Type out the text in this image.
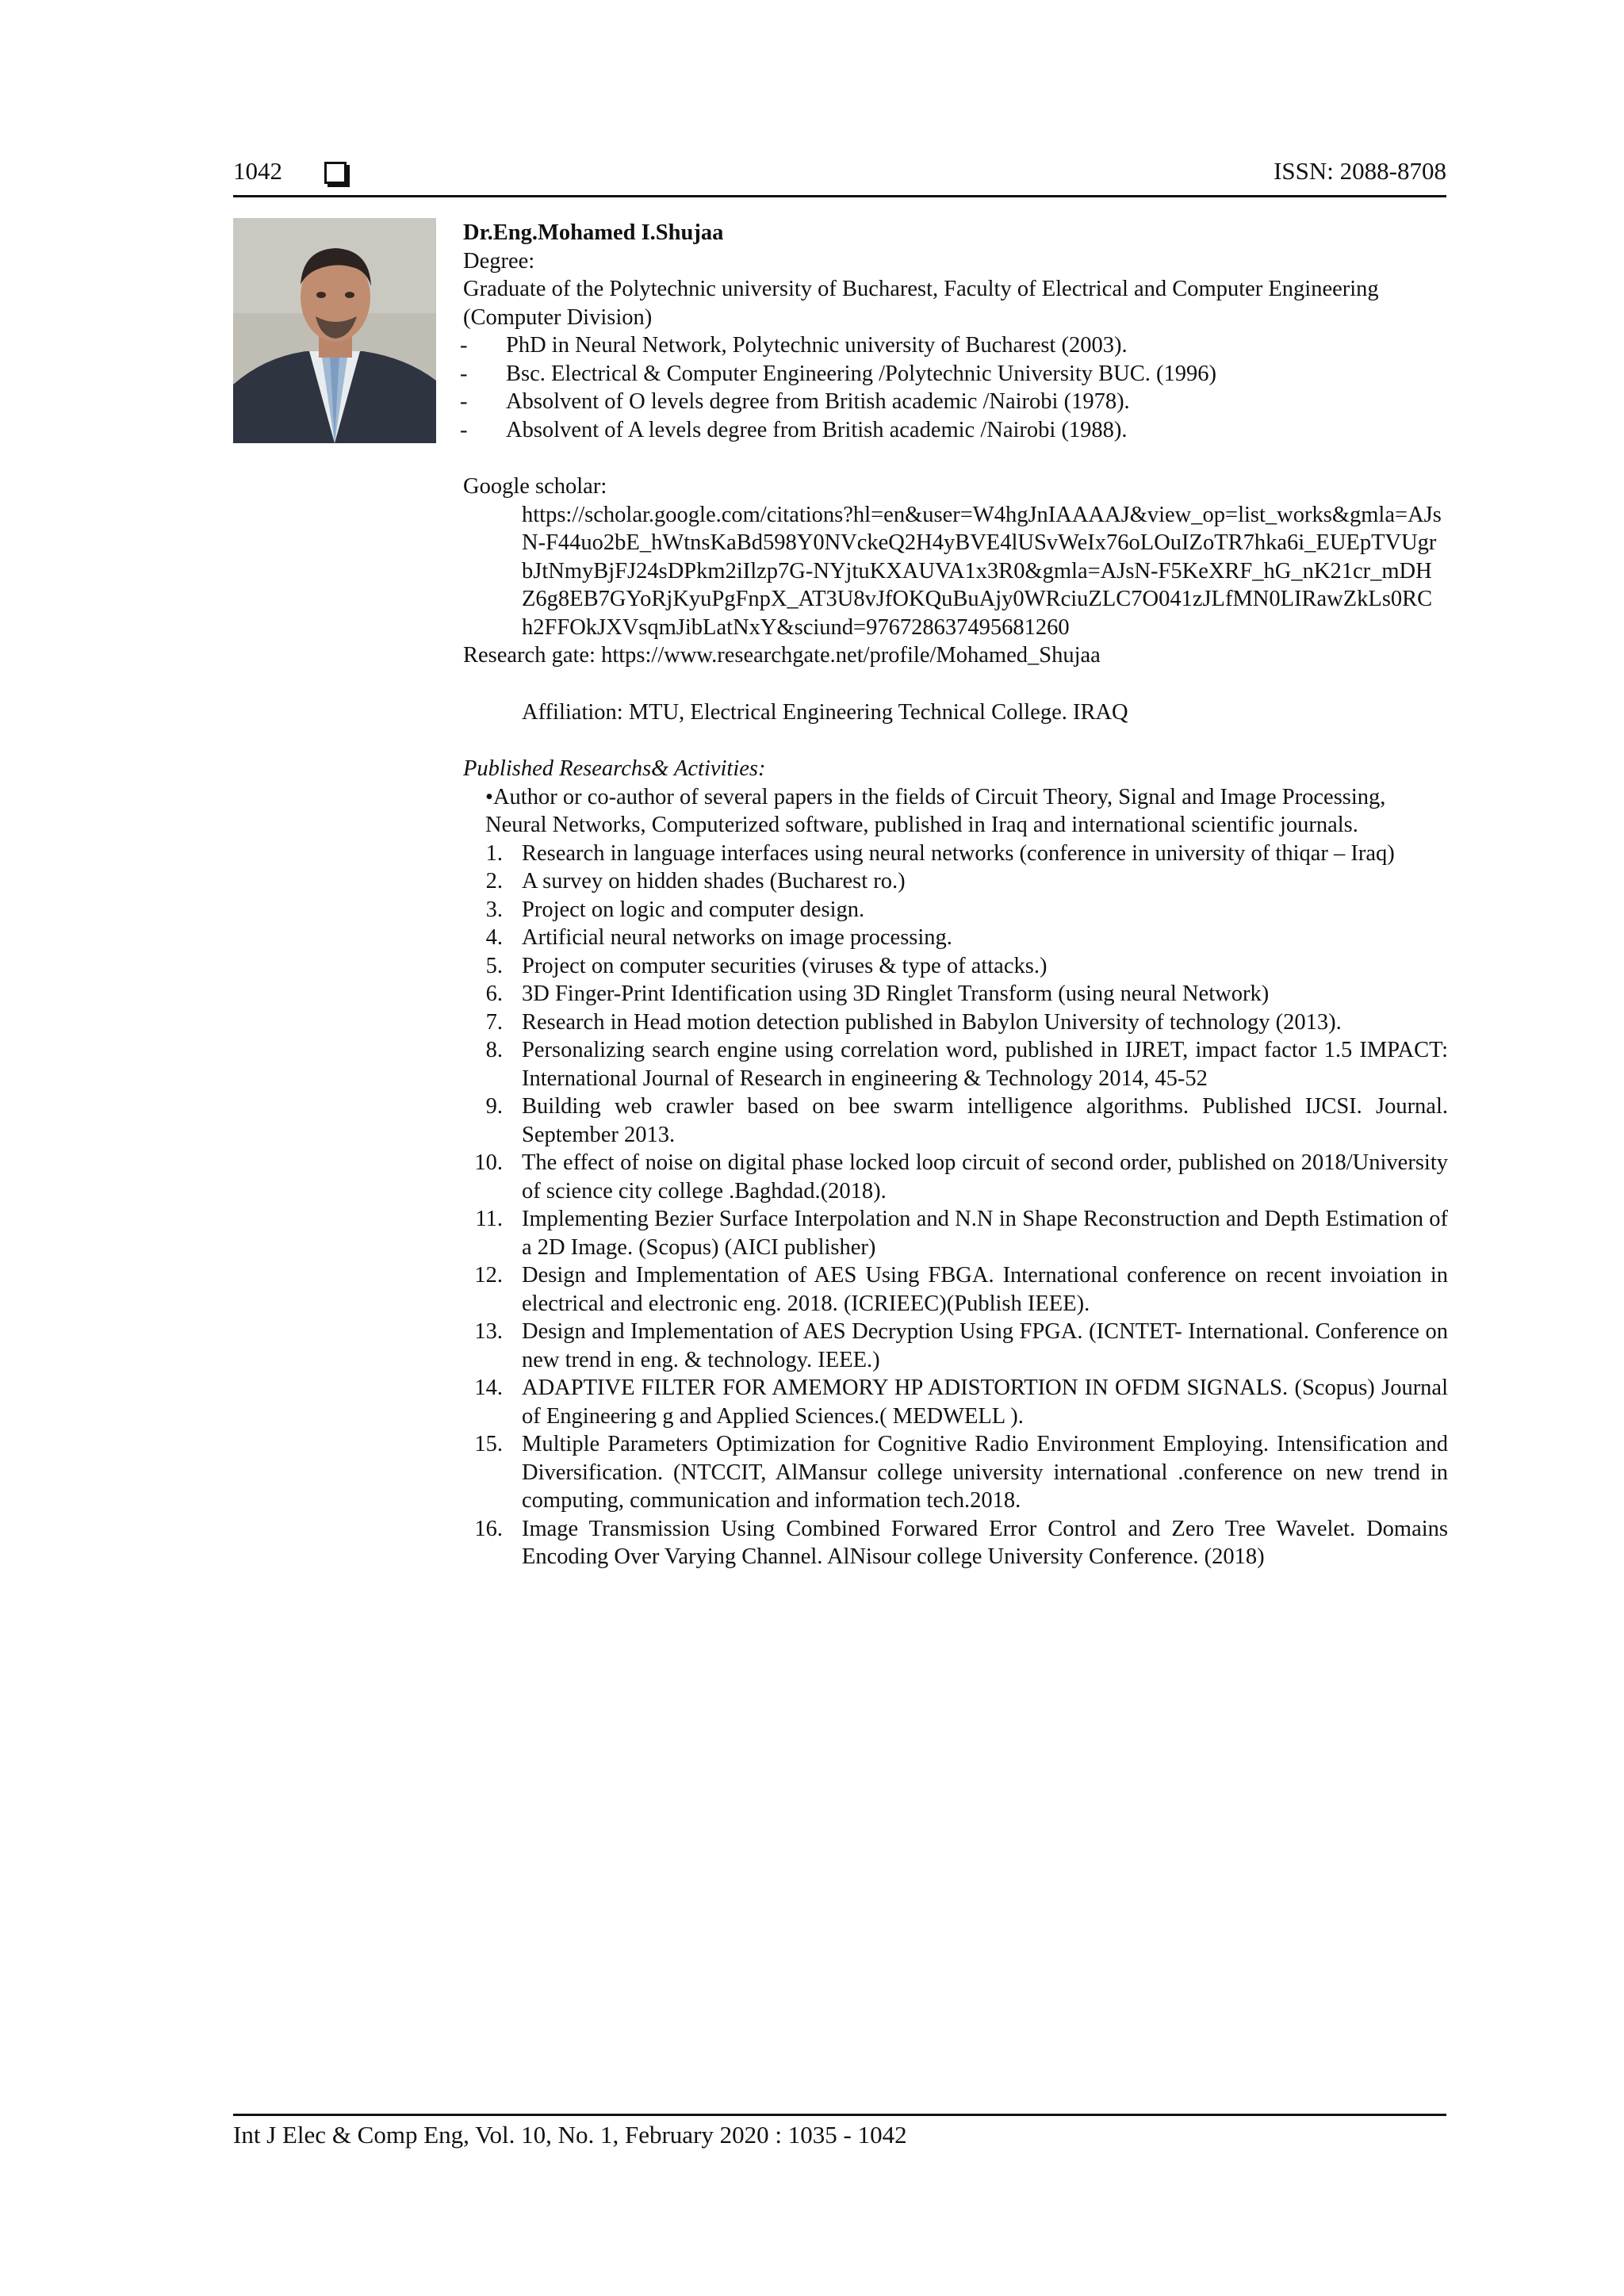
1042	ISSN: 2088-8708
Dr.Eng.Mohamed I.Shujaa
Degree:
Graduate of the Polytechnic university of Bucharest, Faculty of Electrical and Computer Engineering (Computer Division)
- PhD in Neural Network, Polytechnic university of Bucharest (2003).
- Bsc. Electrical & Computer Engineering /Polytechnic University BUC. (1996)
- Absolvent of O levels degree from British academic /Nairobi (1978).
- Absolvent of A levels degree from British academic /Nairobi (1988).
Google scholar:
https://scholar.google.com/citations?hl=en&user=W4hgJnIAAAAJ&view_op=list_works&gmla=AJsN-F44uo2bE_hWtnsKaBd598Y0NVckeQ2H4yBVE4lUSvWeIx76oLOuIZoTR7hka6i_EUEpTVUgrbJtNmyBjFJ24sDPkm2iIlzp7G-NYjtuKXAUVA1x3R0&gmla=AJsN-F5KeXRF_hG_nK21cr_mDHZ6g8EB7GYoRjKyuPgFnpX_AT3U8vJfOKQuBuAjy0WRciuZLC7O041zJLfMN0LIRawZkLs0RCh2FFOkJXVsqmJibLatNxY&sciund=976728637495681260
Research gate: https://www.researchgate.net/profile/Mohamed_Shujaa
Affiliation: MTU, Electrical Engineering Technical College. IRAQ
Published Researchs& Activities:
•Author or co-author of several papers in the fields of Circuit Theory, Signal and Image Processing, Neural Networks, Computerized software, published in Iraq and international scientific journals.
1. Research in language interfaces using neural networks (conference in university of thiqar – Iraq)
2. A survey on hidden shades (Bucharest ro.)
3. Project on logic and computer design.
4. Artificial neural networks on image processing.
5. Project on computer securities (viruses & type of attacks.)
6. 3D Finger-Print Identification using 3D Ringlet Transform (using neural Network)
7. Research in Head motion detection published in Babylon University of technology (2013).
8. Personalizing search engine using correlation word, published in IJRET, impact factor 1.5 IMPACT: International Journal of Research in engineering & Technology 2014, 45-52
9. Building web crawler based on bee swarm intelligence algorithms. Published IJCSI. Journal. September 2013.
10. The effect of noise on digital phase locked loop circuit of second order, published on 2018/University of science city college .Baghdad.(2018).
11. Implementing Bezier Surface Interpolation and N.N in Shape Reconstruction and Depth Estimation of a 2D Image. (Scopus) (AICI publisher)
12. Design and Implementation of AES Using FBGA. International conference on recent invoiation in electrical and electronic eng. 2018. (ICRIEEC)(Publish IEEE).
13. Design and Implementation of AES Decryption Using FPGA. (ICNTET- International. Conference on new trend in eng. & technology. IEEE.)
14. ADAPTIVE FILTER FOR AMEMORY HP ADISTORTION IN OFDM SIGNALS. (Scopus) Journal of Engineering g and Applied Sciences.( MEDWELL ).
15. Multiple Parameters Optimization for Cognitive Radio Environment Employing. Intensification and Diversification. (NTCCIT, AlMansur college university international .conference on new trend in computing, communication and information tech.2018.
16. Image Transmission Using Combined Forwared Error Control and Zero Tree Wavelet. Domains Encoding Over Varying Channel. AlNisour college University Conference. (2018)
Int J Elec & Comp Eng, Vol. 10, No. 1, February 2020 : 1035 - 1042
